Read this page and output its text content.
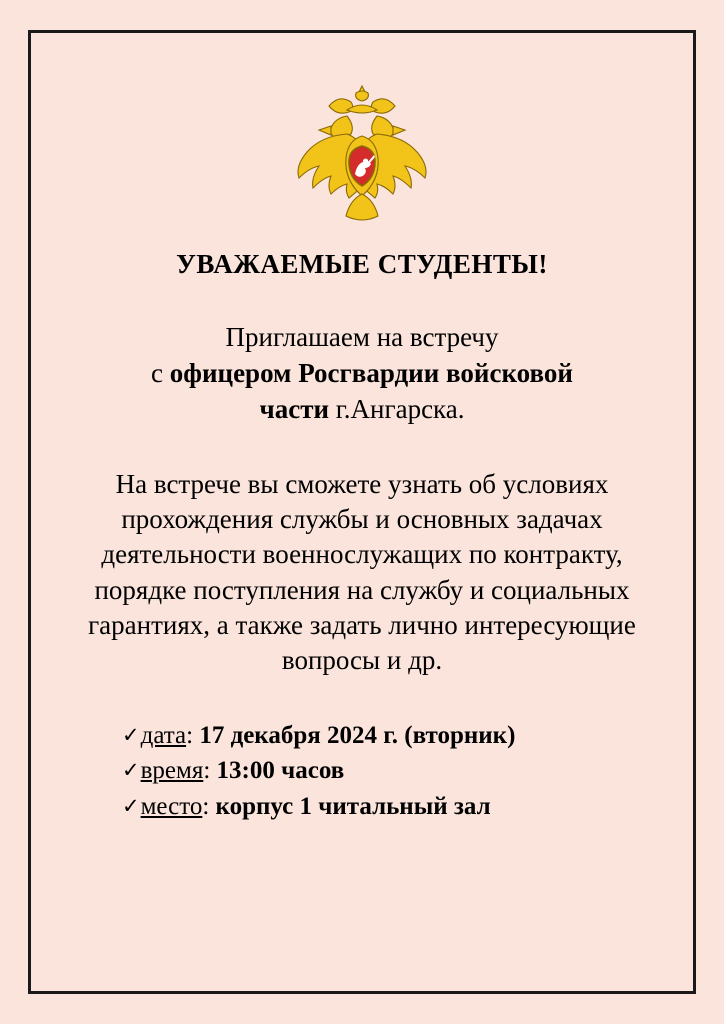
УВАЖАЕМЫЕ СТУДЕНТЫ!
Приглашаем на встречу
с офицером Росгвардии войсковой
части г.Ангарска.
На встрече вы сможете узнать об условиях прохождения службы и основных задачах деятельности военнослужащих по контракту, порядке поступления на службу и социальных гарантиях, а также задать лично интересующие вопросы и др.
✓дата: 17 декабря 2024 г. (вторник)
✓время: 13:00 часов
✓место: корпус 1 читальный зал
